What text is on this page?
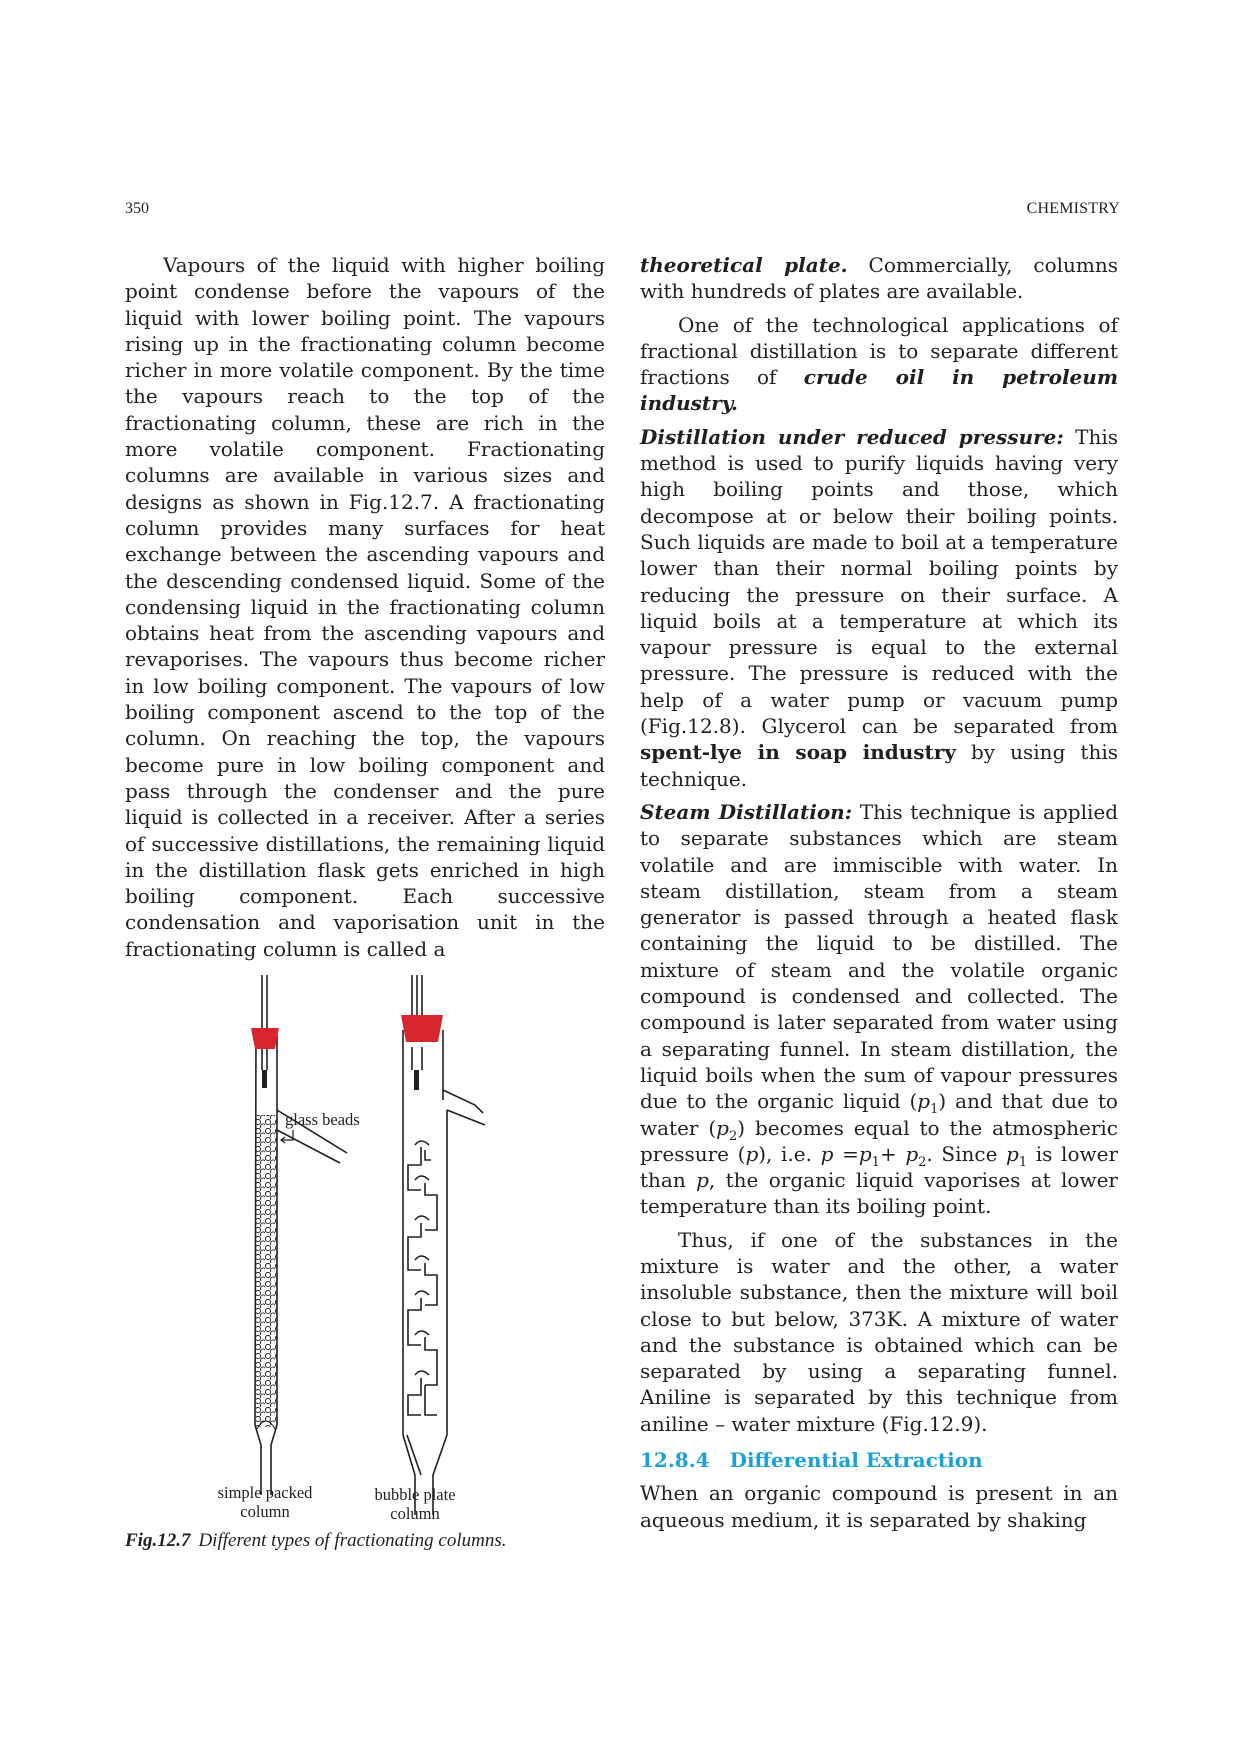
350	CHEMISTRY

Vapours of the liquid with higher boiling point condense before the vapours of the liquid with lower boiling point. The vapours rising up in the fractionating column become richer in more volatile component. By the time the vapours reach to the top of the fractionating column, these are rich in the more volatile component. Fractionating columns are available in various sizes and designs as shown in Fig.12.7. A fractionating column provides many surfaces for heat exchange between the ascending vapours and the descending condensed liquid. Some of the condensing liquid in the fractionating column obtains heat from the ascending vapours and revaporises. The vapours thus become richer in low boiling component. The vapours of low boiling component ascend to the top of the column. On reaching the top, the vapours become pure in low boiling component and pass through the condenser and the pure liquid is collected in a receiver. After a series of successive distillations, the remaining liquid in the distillation flask gets enriched in high boiling component. Each successive condensation and vaporisation unit in the fractionating column is called a

glass beads
simple packed
column
bubble plate
column
Fig.12.7 Different types of fractionating columns.

theoretical plate. Commercially, columns with hundreds of plates are available.

One of the technological applications of fractional distillation is to separate different fractions of crude oil in petroleum industry.

Distillation under reduced pressure: This method is used to purify liquids having very high boiling points and those, which decompose at or below their boiling points. Such liquids are made to boil at a temperature lower than their normal boiling points by reducing the pressure on their surface. A liquid boils at a temperature at which its vapour pressure is equal to the external pressure. The pressure is reduced with the help of a water pump or vacuum pump (Fig.12.8). Glycerol can be separated from spent-lye in soap industry by using this technique.

Steam Distillation: This technique is applied to separate substances which are steam volatile and are immiscible with water. In steam distillation, steam from a steam generator is passed through a heated flask containing the liquid to be distilled. The mixture of steam and the volatile organic compound is condensed and collected. The compound is later separated from water using a separating funnel. In steam distillation, the liquid boils when the sum of vapour pressures due to the organic liquid $(p_1)$ and that due to water $(p_2)$ becomes equal to the atmospheric pressure (p), i.e. $p =p_1+ p_2$. Since $p_1$ is lower than p, the organic liquid vaporises at lower temperature than its boiling point.

Thus, if one of the substances in the mixture is water and the other, a water insoluble substance, then the mixture will boil close to but below, 373K. A mixture of water and the substance is obtained which can be separated by using a separating funnel. Aniline is separated by this technique from aniline – water mixture (Fig.12.9).

12.8.4 Differential Extraction

When an organic compound is present in an aqueous medium, it is separated by shaking
